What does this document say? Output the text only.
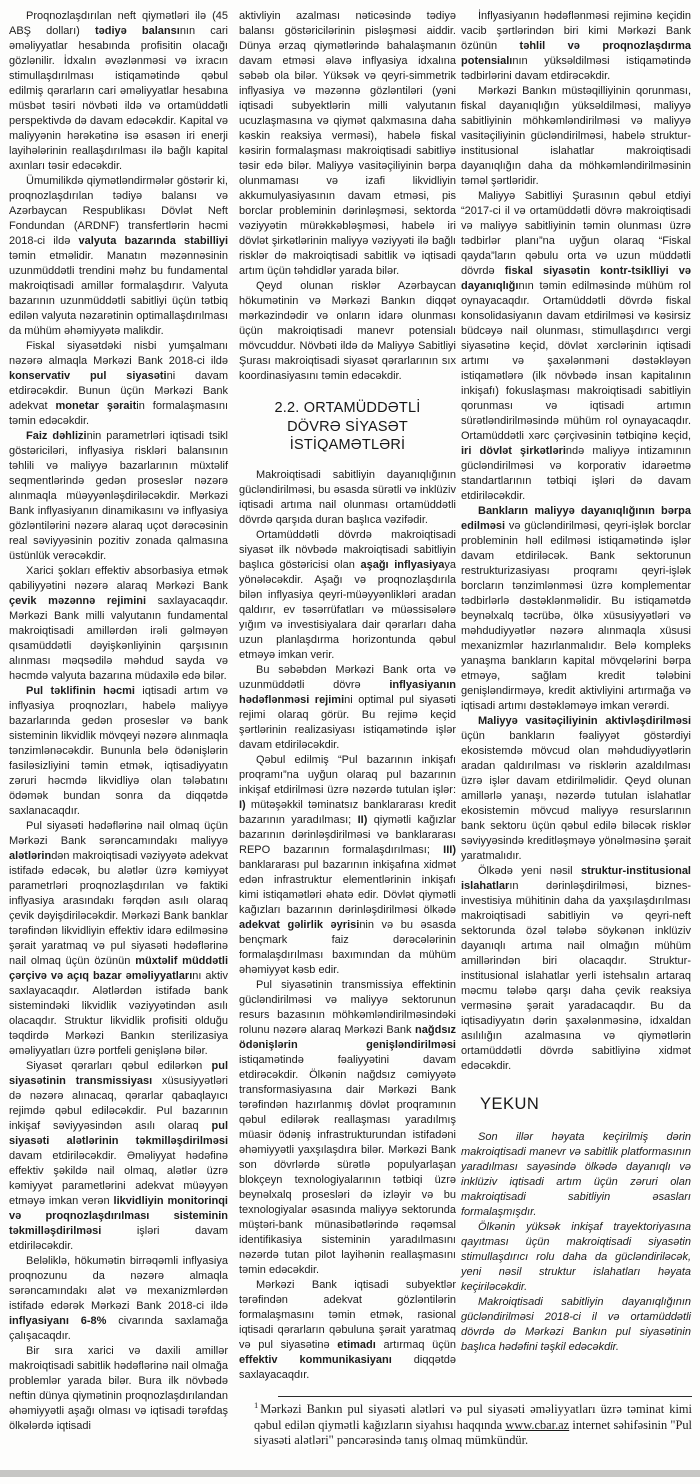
Proqnozlaşdırılan neft qiymətləri ilə (45 ABŞ dolları) tədiyə balansının cari əməliyyatlar hesabında profisitin olacağı gözlənilir. İdxalın əvəzlənməsi və ixracın stimullaşdırılması istiqamətində qəbul edilmiş qərarların cari əməliyyatlar hesabına müsbət təsiri növbəti ildə və ortamüddətli perspektivdə də davam edəcəkdir. Kapital və maliyyənin hərəkətinə isə əsasən iri enerji layihələrinin reallaşdırılması ilə bağlı kapital axınları təsir edəcəkdir.

Ümumilikdə qiymətləndirmələr göstərir ki, proqnozlaşdırılan tədiyə balansı və Azərbaycan Respublikası Dövlət Neft Fondundan (ARDNF) transfertlərin həcmi 2018-ci ildə valyuta bazarında stabilliyi təmin etməlidir. Manatın məzənnəsinin uzunmüddətli trendini məhz bu fundamental makroiqtisadi amillər formalaşdırır. Valyuta bazarının uzunmüddətli sabitliyi üçün tətbiq edilən valyuta nəzarətinin optimallaşdırılması da mühüm əhəmiyyətə malikdir.

Fiskal siyasətdəki nisbi yumşalmanı nəzərə almaqla Mərkəzi Bank 2018-ci ildə konservativ pul siyasətini davam etdirəcəkdir. Bunun üçün Mərkəzi Bank adekvat monetar şəraitin formalaşmasını təmin edəcəkdir.

Faiz dəhlizinin parametrləri iqtisadi tsikl göstəriciləri, inflyasiya riskləri balansının təhlili və maliyyə bazarlarının müxtəlif seqmentlərində gedən proseslər nəzərə alınmaqla müəyyənləşdiriləcəkdir. Mərkəzi Bank inflyasiyanın dinamikasını və inflyasiya gözləntilərini nəzərə alaraq uçot dərəcəsinin real səviyyəsinin pozitiv zonada qalmasına üstünlük verəcəkdir.

Xarici şokları effektiv absorbasiya etmək qabiliyyətini nəzərə alaraq Mərkəzi Bank çevik məzənnə rejimini saxlayacaqdır. Mərkəzi Bank milli valyutanın fundamental makroiqtisadi amillərdən irəli gəlməyən qısamüddətli dəyişkənliyinin qarşısının alınması məqsədilə məhdud sayda və həcmdə valyuta bazarına müdaxilə edə bilər.

Pul təklifinin həcmi iqtisadi artım və inflyasiya proqnozları, habelə maliyyə bazarlarında gedən proseslər və bank sisteminin likvidlik mövqeyi nəzərə alınmaqla tənzimlənəcəkdir. Bununla belə ödənişlərin fasiləsizliyini təmin etmək, iqtisadiyyatın zəruri həcmdə likvidliyə olan tələbatını ödəmək bundan sonra da diqqətdə saxlanacaqdır.

Pul siyasəti hədəflərinə nail olmaq üçün Mərkəzi Bank sərəncamındakı maliyyə alətlərindən makroiqtisadi vəziyyətə adekvat istifadə edəcək, bu alətlər üzrə kəmiyyət parametrləri proqnozlaşdırılan və faktiki inflyasiya arasındakı fərqdən asılı olaraq çevik dəyişdiriləcəkdir. Mərkəzi Bank banklar tərəfindən likvidliyin effektiv idarə edilməsinə şərait yaratmaq və pul siyasəti hədəflərinə nail olmaq üçün özünün müxtəlif müddətli çərçivə və açıq bazar əməliyyatlarını aktiv saxlayacaqdır. Alətlərdən istifadə bank sistemindəki likvidlik vəziyyətindən asılı olacaqdır. Struktur likvidlik profisiti olduğu təqdirdə Mərkəzi Bankın sterilizasiya əməliyyatları üzrə portfeli genişlənə bilər.

Siyasət qərarları qəbul edilərkən pul siyasətinin transmissiyası xüsusiyyətləri də nəzərə alınacaq, qərarlar qabaqlayıcı rejimdə qəbul ediləcəkdir. Pul bazarının inkişaf səviyyəsindən asılı olaraq pul siyasəti alətlərinin təkmilləşdirilməsi davam etdiriləcəkdir. Əməliyyat hədəfinə effektiv şəkildə nail olmaq, alətlər üzrə kəmiyyət parametlərini adekvat müəyyən etməyə imkan verən likvidliyin monitorinqi və proqnozlaşdırılması sisteminin təkmilləşdirilməsi işləri davam etdiriləcəkdir.

Beləliklə, hökumətin birrəqəmli inflyasiya proqnozunu da nəzərə almaqla sərəncamındakı alət və mexanizmlərdən istifadə edərək Mərkəzi Bank 2018-ci ildə inflyasiyanı 6-8% civarında saxlamağa çalışacaqdır.

Bir sıra xarici və daxili amillər makroiqtisadi sabitlik hədəflərinə nail olmağa problemlər yarada bilər. Bura ilk növbədə neftin dünya qiymətinin proqnozlaşdırılandan əhəmiyyətli aşağı olması və iqtisadi tərəfdaş ölkələrdə iqtisadi

aktivliyin azalması nəticəsində tədiyə balansı göstəricilərinin pisləşməsi aiddir. Dünya ərzaq qiymətlərində bahalaşmanın davam etməsi əlavə inflyasiya idxalına səbəb ola bilər. Yüksək və qeyri-simmetrik inflyasiya və məzənnə gözləntiləri (yəni iqtisadi subyektlərin milli valyutanın ucuzlaşmasına və qiymət qalxmasına daha kəskin reaksiya verməsi), habelə fiskal kəsirin formalaşması makroiqtisadi sabitliyə təsir edə bilər. Maliyyə vasitəçiliyinin bərpa olunmaması və izafi likvidliyin akkumulyasiyasının davam etməsi, pis borclar probleminin dərinləşməsi, sektorda vəziyyətin mürəkkəbləşməsi, habelə iri dövlət şirkətlərinin maliyyə vəziyyəti ilə bağlı risklər də makroiqtisadi sabitlik və iqtisadi artım üçün təhdidlər yarada bilər.

Qeyd olunan risklər Azərbaycan hökumətinin və Mərkəzi Bankın diqqət mərkəzindədir və onların idarə olunması üçün makroiqtisadi manevr potensialı mövcuddur. Növbəti ildə də Maliyyə Sabitliyi Şurası makroiqtisadi siyasət qərarlarının sıx koordinasiyasını təmin edəcəkdir.

2.2. ORTAMÜDDƏTLİ DÖVRƏ SİYASƏT İSTİQAMƏTLƏRİ

Makroiqtisadi sabitliyin dayanıqlığının gücləndirilməsi, bu əsasda sürətli və inklüziv iqtisadi artıma nail olunması ortamüddətli dövrdə qarşıda duran başlıca vəzifədir.

Ortamüddətli dövrdə makroiqtisadi siyasət ilk növbədə makroiqtisadi sabitliyin başlıca göstəricisi olan aşağı inflyasiyaya yönələcəkdir. Aşağı və proqnozlaşdırıla bilən inflyasiya qeyri-müəyyənlikləri aradan qaldırır, ev təsərrüfatları və müəssisələrə yığım və investisiyalara dair qərarları daha uzun planlaşdırma horizontunda qəbul etməyə imkan verir.

Bu səbəbdən Mərkəzi Bank orta və uzunmüddətli dövrə inflyasiyanın hədəflənməsi rejimini optimal pul siyasəti rejimi olaraq görür. Bu rejimə keçid şərtlərinin realizasiyası istiqamətində işlər davam etdiriləcəkdir.

Qəbul edilmiş “Pul bazarının inkişafı proqramı”na uyğun olaraq pul bazarının inkişaf etdirilməsi üzrə nəzərdə tutulan işlər: I) mütəşəkkil təminatsız banklararası kredit bazarının yaradılması; II) qiymətli kağızlar bazarının dərinləşdirilməsi və banklararası REPO bazarının formalaşdırılması; III) banklararası pul bazarının inkişafına xidmət edən infrastruktur elementlərinin inkişafı kimi istiqamətləri əhatə edir. Dövlət qiymətli kağızları bazarının dərinləşdirilməsi ölkədə adekvat gəlirlik əyrisinin və bu əsasda bençmark faiz dərəcələrinin formalaşdırılması baxımından da mühüm əhəmiyyət kəsb edir.

Pul siyasətinin transmissiya effektinin gücləndirilməsi və maliyyə sektorunun resurs bazasının möhkəmləndirilməsindəki rolunu nəzərə alaraq Mərkəzi Bank nağdsız ödənişlərin genişləndirilməsi istiqamətində fəaliyyətini davam etdirəcəkdir. Ölkənin nağdsız cəmiyyətə transformasiyasına dair Mərkəzi Bank tərəfindən hazırlanmış dövlət proqramının qəbul edilərək reallaşması yaradılmış müasir ödəniş infrastrukturundan istifadəni əhəmiyyətli yaxşılaşdıra bilər. Mərkəzi Bank son dövrlərdə sürətlə populyarlaşan blokçeyn texnologiyalarının tətbiqi üzrə beynəlxalq prosesləri də izləyir və bu texnologiyalar əsasında maliyyə sektorunda müştəri-bank münasibətlərində rəqəmsal identifikasiya sisteminin yaradılmasını nəzərdə tutan pilot layihənin reallaşmasını təmin edəcəkdir.

Mərkəzi Bank iqtisadi subyektlər tərəfindən adekvat gözləntilərin formalaşmasını təmin etmək, rasional iqtisadi qərarların qəbuluna şərait yaratmaq və pul siyasətinə etimadı artırmaq üçün effektiv kommunikasiyanı diqqətdə saxlayacaqdır.

İnflyasiyanın hədəflənməsi rejiminə keçidin vacib şərtlərindən biri kimi Mərkəzi Bank özünün təhlil və proqnozlaşdırma potensialının yüksəldilməsi istiqamətində tədbirlərini davam etdirəcəkdir.

Mərkəzi Bankın müstəqilliyinin qorunması, fiskal dayanıqlığın yüksəldilməsi, maliyyə sabitliyinin möhkəmləndirilməsi və maliyyə vasitəçiliyinin gücləndirilməsi, habelə struktur-institusional islahatlar makroiqtisadi dayanıqlığın daha da möhkəmləndirilməsinin təməl şərtləridir.

Maliyyə Sabitliyi Şurasının qəbul etdiyi “2017-ci il və ortamüddətli dövrə makroiqtisadi və maliyyə sabitliyinin təmin olunması üzrə tədbirlər planı”na uyğun olaraq “Fiskal qayda”ların qəbulu orta və uzun müddətli dövrdə fiskal siyasətin kontr-tsiklliyi və dayanıqlığının təmin edilməsində mühüm rol oynayacaqdır. Ortamüddətli dövrdə fiskal konsolidasiyanın davam etdirilməsi və kəsirsiz büdcəyə nail olunması, stimullaşdırıcı vergi siyasətinə keçid, dövlət xərclərinin iqtisadi artımı və şaxələnməni dəstəkləyən istiqamətlərə (ilk növbədə insan kapitalının inkişafı) fokuslaşması makroiqtisadi sabitliyin qorunması və iqtisadi artımın sürətləndirilməsində mühüm rol oynayacaqdır. Ortamüddətli xərc çərçivəsinin tətbiqinə keçid, iri dövlət şirkətlərində maliyyə intizamının gücləndirilməsi və korporativ idarəetmə standartlarının tətbiqi işləri də davam etdiriləcəkdir.

Bankların maliyyə dayanıqlığının bərpa edilməsi və gücləndirilməsi, qeyri-işlək borclar probleminin həll edilməsi istiqamətində işlər davam etdiriləcək. Bank sektorunun restrukturizasiyası proqramı qeyri-işlək borcların tənzimlənməsi üzrə komplementar tədbirlərlə dəstəklənməlidir. Bu istiqamətdə beynəlxalq təcrübə, ölkə xüsusiyyətləri və məhdudiyyətlər nəzərə alınmaqla xüsusi mexanizmlər hazırlanmalıdır. Belə kompleks yanaşma bankların kapital mövqelərini bərpa etməyə, sağlam kredit tələbini genişləndirməyə, kredit aktivliyini artırmağa və iqtisadi artımı dəstəkləməyə imkan verərdi.

Maliyyə vasitəçiliyinin aktivləşdirilməsi üçün bankların fəaliyyət göstərdiyi ekosistemdə mövcud olan məhdudiyyətlərin aradan qaldırılması və risklərin azaldılması üzrə işlər davam etdirilməlidir. Qeyd olunan amillərlə yanaşı, nəzərdə tutulan islahatlar ekosistemin mövcud maliyyə resurslarının bank sektoru üçün qəbul edilə biləcək risklər səviyyəsində kreditləşməyə yönəlməsinə şərait yaratmalıdır.

Ölkədə yeni nəsil struktur-institusional islahatların dərinləşdirilməsi, biznes-investisiya mühitinin daha da yaxşılaşdırılması makroiqtisadi sabitliyin və qeyri-neft sektorunda özəl tələbə söykənən inklüziv dayanıqlı artıma nail olmağın mühüm amillərindən biri olacaqdır. Struktur-institusional islahatlar yerli istehsalın artaraq məcmu tələbə qarşı daha çevik reaksiya verməsinə şərait yaradacaqdır. Bu da iqtisadiyyatın dərin şaxələnməsinə, idxaldan asılılığın azalmasına və qiymətlərin ortamüddətli dövrdə sabitliyinə xidmət edəcəkdir.

YEKUN

Son illər həyata keçirilmiş dərin makroiqtisadi manevr və sabitlik platformasının yaradılması sayəsində ölkədə dayanıqlı və inklüziv iqtisadi artım üçün zəruri olan makroiqtisadi sabitliyin əsasları formalaşmışdır.

Ölkənin yüksək inkişaf trayektoriyasına qayıtması üçün makroiqtisadi siyasətin stimullaşdırıcı rolu daha da gücləndiriləcək, yeni nəsil struktur islahatları həyata keçiriləcəkdir.

Makroiqtisadi sabitliyin dayanıqlığının gücləndirilməsi 2018-ci il və ortamüddətli dövrdə də Mərkəzi Bankın pul siyasətinin başlıca hədəfini təşkil edəcəkdir.

$^1$ Mərkəzi Bankın pul siyasəti alətləri və pul siyasəti əməliyyatları üzrə təminat kimi qəbul edilən qiymətli kağızların siyahısı haqqında www.cbar.az internet səhifəsinin "Pul siyasəti alətləri" pəncərəsində tanış olmaq mümkündür.
